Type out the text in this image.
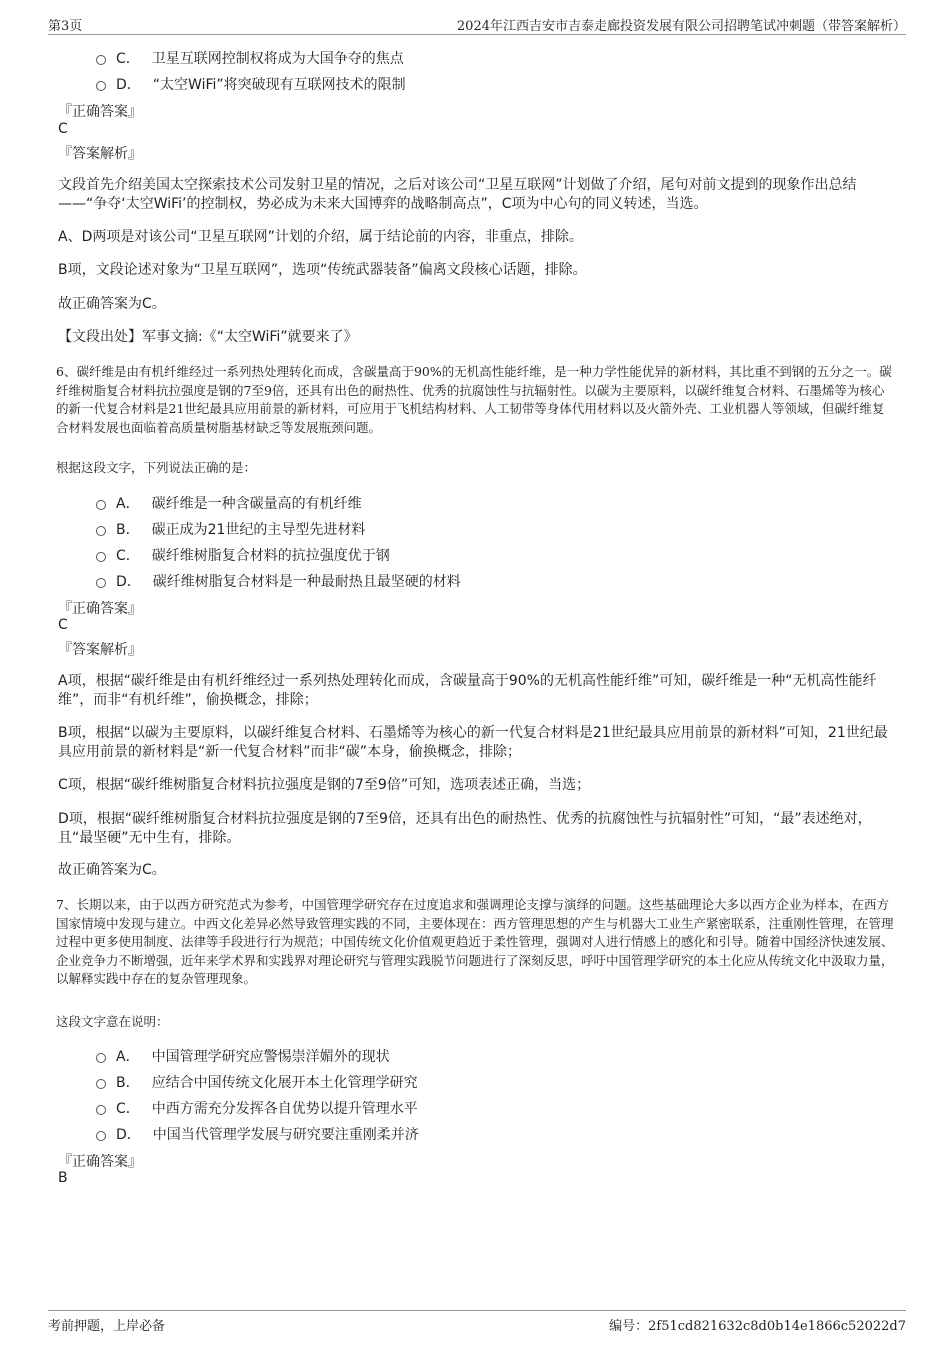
第3页	2024年江西吉安市吉泰走廊投资发展有限公司招聘笔试冲刺题（带答案解析）
C． 卫星互联网控制权将成为大国争夺的焦点
D． “太空WiFi”将突破现有互联网技术的限制
『正确答案』
C
『答案解析』
文段首先介绍美国太空探索技术公司发射卫星的情况，之后对该公司“卫星互联网”计划做了介绍，尾句对前文提到的现象作出总结——“争夺‘太空WiFi’的控制权，势必成为未来大国博弈的战略制高点”，C项为中心句的同义转述，当选。
A、D两项是对该公司“卫星互联网”计划的介绍，属于结论前的内容，非重点，排除。
B项，文段论述对象为“卫星互联网”，选项“传统武器装备”偏离文段核心话题，排除。
故正确答案为C。
【文段出处】军事文摘:《“太空WiFi”就要来了》
6、碳纤维是由有机纤维经过一系列热处理转化而成，含碳量高于90%的无机高性能纤维，是一种力学性能优异的新材料，其比重不到钢的五分之一。碳纤维树脂复合材料抗拉强度是钢的7至9倍，还具有出色的耐热性、优秀的抗腐蚀性与抗辐射性。以碳为主要原料，以碳纤维复合材料、石墨烯等为核心的新一代复合材料是21世纪最具应用前景的新材料，可应用于飞机结构材料、人工韧带等身体代用材料以及火箭外壳、工业机器人等领域，但碳纤维复合材料发展也面临着高质量树脂基材缺乏等发展瓶颈问题。
根据这段文字，下列说法正确的是：
A． 碳纤维是一种含碳量高的有机纤维
B． 碳正成为21世纪的主导型先进材料
C． 碳纤维树脂复合材料的抗拉强度优于钢
D． 碳纤维树脂复合材料是一种最耐热且最坚硬的材料
『正确答案』
C
『答案解析』
A项，根据“碳纤维是由有机纤维经过一系列热处理转化而成，含碳量高于90%的无机高性能纤维”可知，碳纤维是一种“无机高性能纤维”，而非“有机纤维”，偷换概念，排除；
B项，根据“以碳为主要原料，以碳纤维复合材料、石墨烯等为核心的新一代复合材料是21世纪最具应用前景的新材料”可知，21世纪最具应用前景的新材料是“新一代复合材料”而非“碳”本身，偷换概念，排除；
C项，根据“碳纤维树脂复合材料抗拉强度是钢的7至9倍”可知，选项表述正确，当选；
D项，根据“碳纤维树脂复合材料抗拉强度是钢的7至9倍，还具有出色的耐热性、优秀的抗腐蚀性与抗辐射性”可知，“最”表述绝对，且“最坚硬”无中生有，排除。
故正确答案为C。
7、长期以来，由于以西方研究范式为参考，中国管理学研究存在过度追求和强调理论支撑与演绎的问题。这些基础理论大多以西方企业为样本，在西方国家情境中发现与建立。中西文化差异必然导致管理实践的不同，主要体现在：西方管理思想的产生与机器大工业生产紧密联系，注重刚性管理，在管理过程中更多使用制度、法律等手段进行行为规范；中国传统文化价值观更趋近于柔性管理，强调对人进行情感上的感化和引导。随着中国经济快速发展、企业竞争力不断增强，近年来学术界和实践界对理论研究与管理实践脱节问题进行了深刻反思，呼吁中国管理学研究的本土化应从传统文化中汲取力量，以解释实践中存在的复杂管理现象。
这段文字意在说明：
A． 中国管理学研究应警惕崇洋媚外的现状
B． 应结合中国传统文化展开本土化管理学研究
C． 中西方需充分发挥各自优势以提升管理水平
D． 中国当代管理学发展与研究要注重刚柔并济
『正确答案』
B
考前押题，上岸必备	编号：2f51cd821632c8d0b14e1866c52022d7
